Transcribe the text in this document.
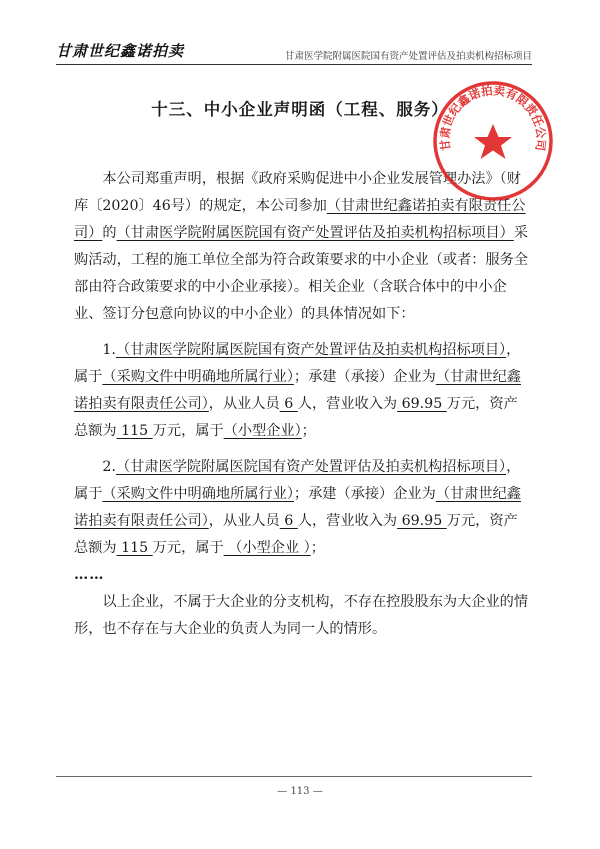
甘肃世纪鑫诺拍卖	甘肃医学院附属医院国有资产处置评估及拍卖机构招标项目
十三、中小企业声明函（工程、服务）

本公司郑重声明，根据《政府采购促进中小企业发展管理办法》（财库〔2020〕46号）的规定，本公司参加（甘肃世纪鑫诺拍卖有限责任公司）的（甘肃医学院附属医院国有资产处置评估及拍卖机构招标项目）采购活动，工程的施工单位全部为符合政策要求的中小企业（或者：服务全部由符合政策要求的中小企业承接）。相关企业（含联合体中的中小企业、签订分包意向协议的中小企业）的具体情况如下：

1.（甘肃医学院附属医院国有资产处置评估及拍卖机构招标项目），属于（采购文件中明确地所属行业）；承建（承接）企业为（甘肃世纪鑫诺拍卖有限责任公司），从业人员 6 人，营业收入为 69.95 万元，资产总额为 115 万元，属于（小型企业）；

2.（甘肃医学院附属医院国有资产处置评估及拍卖机构招标项目），属于（采购文件中明确地所属行业）；承建（承接）企业为（甘肃世纪鑫诺拍卖有限责任公司），从业人员 6 人，营业收入为 69.95 万元，资产总额为 115 万元，属于 （小型企业 ）；

……

以上企业，不属于大企业的分支机构，不存在控股股东为大企业的情形，也不存在与大企业的负责人为同一人的情形。

甘肃世纪鑫诺拍卖有限责任公司
— 113 —
